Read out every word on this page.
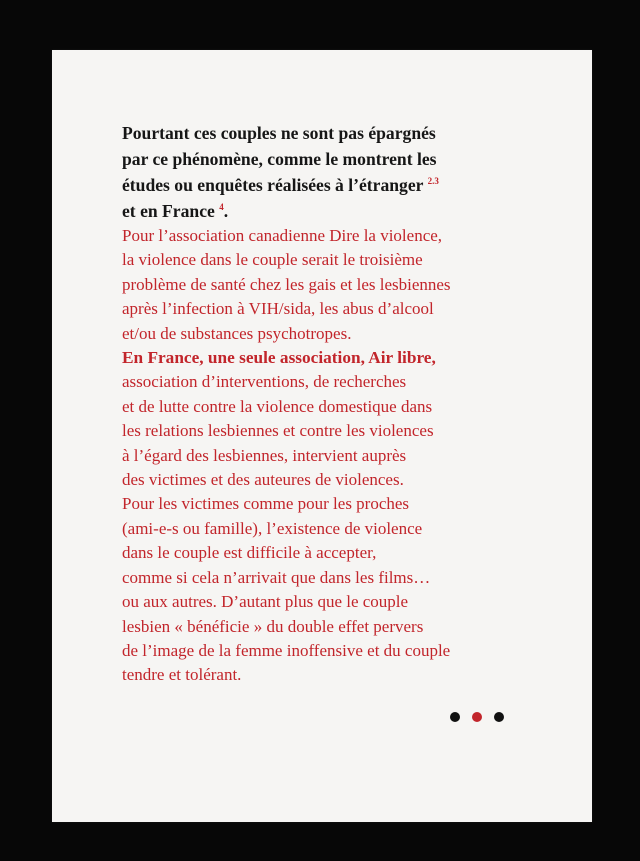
Pourtant ces couples ne sont pas épargnés
par ce phénomène, comme le montrent les
études ou enquêtes réalisées à l’étranger $^{2.3}$
et en France $^4$.
Pour l’association canadienne Dire la violence,
la violence dans le couple serait le troisième
problème de santé chez les gais et les lesbiennes
après l’infection à VIH/sida, les abus d’alcool
et/ou de substances psychotropes.
En France, une seule association, Air libre,
association d’interventions, de recherches
et de lutte contre la violence domestique dans
les relations lesbiennes et contre les violences
à l’égard des lesbiennes, intervient auprès
des victimes et des auteures de violences.
Pour les victimes comme pour les proches
(ami-e-s ou famille), l’existence de violence
dans le couple est difficile à accepter,
comme si cela n’arrivait que dans les films…
ou aux autres. D’autant plus que le couple
lesbien « bénéficie » du double effet pervers
de l’image de la femme inoffensive et du couple
tendre et tolérant.
